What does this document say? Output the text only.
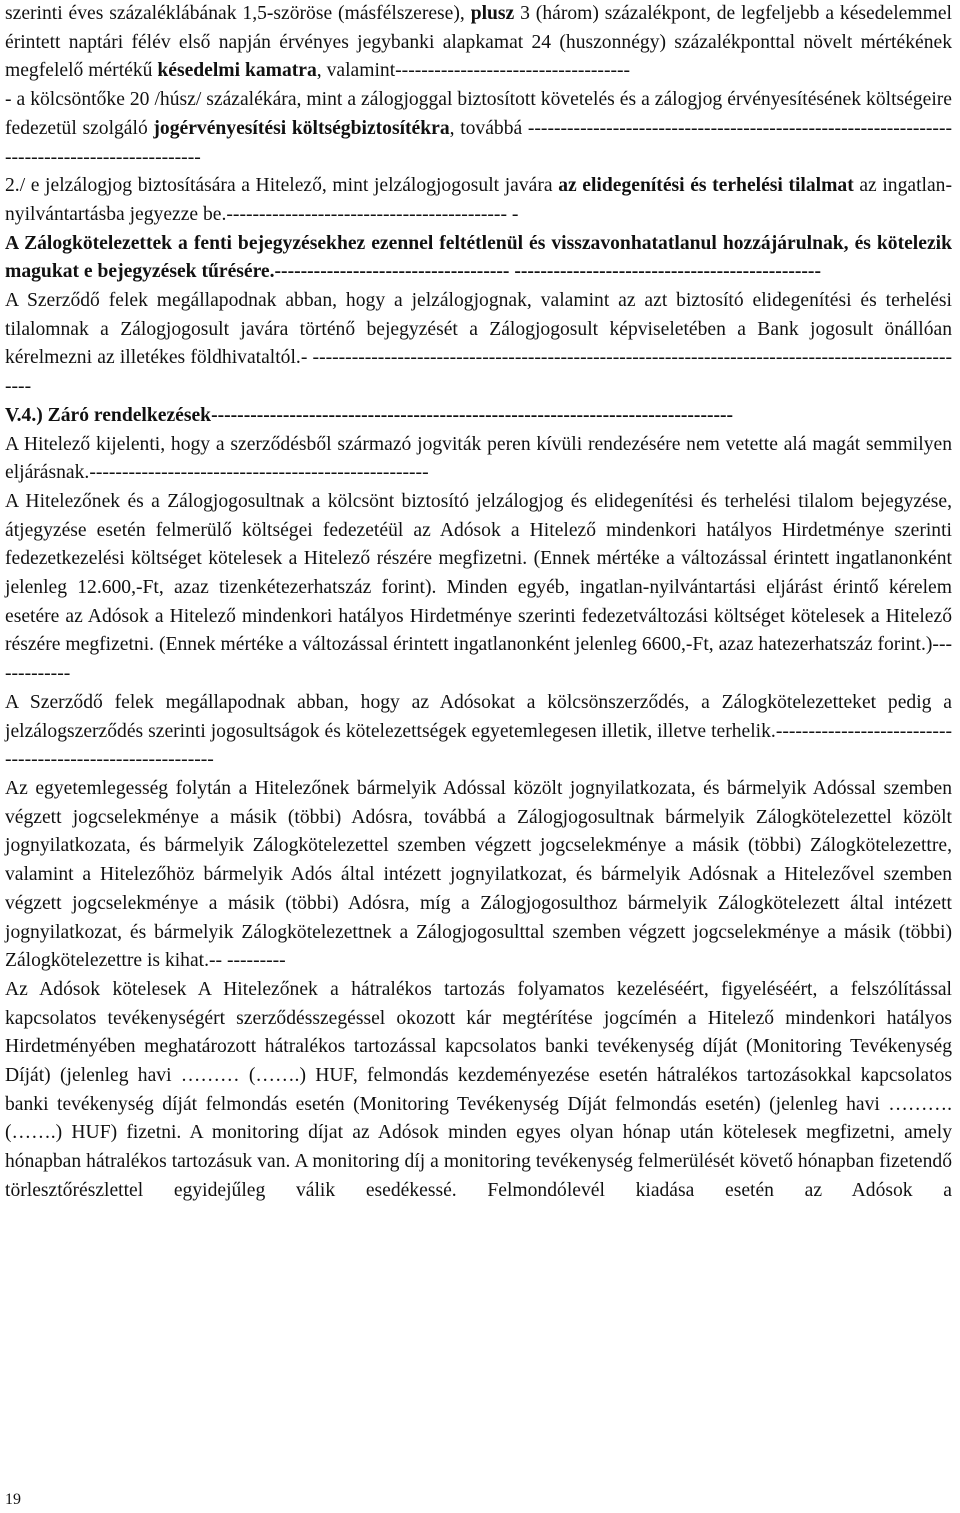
szerinti éves százaléklábának 1,5-szöröse (másfélszerese), plusz 3 (három) százalékpont, de legfeljebb a késedelemmel érintett naptári félév első napján érvényes jegybanki alapkamat 24 (huszonnégy) százalékponttal növelt mértékének megfelelő mértékű késedelmi kamatra, valamint------------------------------------

- a kölcsöntőke 20 /húsz/ százalékára, mint a zálogjoggal biztosított követelés és a zálogjog érvényesítésének költségeire fedezetül szolgáló jogérvényesítési költségbiztosítékra, továbbá -----------------------------------------------------------------------------------------------

2./ e jelzálogjog biztosítására a Hitelező, mint jelzálogjogosult javára az elidegenítési és terhelési tilalmat az ingatlan-nyilvántartásba jegyezze be.------------------------------------------- -

A Zálogkötelezettek a fenti bejegyzésekhez ezennel feltétlenül és visszavonhatatlanul hozzájárulnak, és kötelezik magukat e bejegyzések tűrésére.------------------------------------ -----------------------------------------------

A Szerződő felek megállapodnak abban, hogy a jelzálogjognak, valamint az azt biztosító elidegenítési és terhelési tilalomnak a Zálogjogosult javára történő bejegyzését a Zálogjogosult képviseletében a Bank jogosult önállóan kérelmezni az illetékes földhivataltól.- ------------------------------------------------------------------------------------------------------

V.4.) Záró rendelkezések--------------------------------------------------------------------------------

A Hitelező kijelenti, hogy a szerződésből származó jogviták peren kívüli rendezésére nem vetette alá magát semmilyen eljárásnak.----------------------------------------------------

A Hitelezőnek és a Zálogjogosultnak a kölcsönt biztosító jelzálogjog és elidegenítési és terhelési tilalom bejegyzése, átjegyzése esetén felmerülő költségei fedezetéül az Adósok a Hitelező mindenkori hatályos Hirdetménye szerinti fedezetkezelési költséget kötelesek a Hitelező részére megfizetni. (Ennek mértéke a változással érintett ingatlanonként jelenleg 12.600,-Ft, azaz tizenkétezerhatszáz forint). Minden egyéb, ingatlan-nyilvántartási eljárást érintő kérelem esetére az Adósok a Hitelező mindenkori hatályos Hirdetménye szerinti fedezetváltozási költséget kötelesek a Hitelező részére megfizetni. (Ennek mértéke a változással érintett ingatlanonként jelenleg 6600,-Ft, azaz hatezerhatszáz forint.)-------------

A Szerződő felek megállapodnak abban, hogy az Adósokat a kölcsönszerződés, a Zálogkötelezetteket pedig a jelzálogszerződés szerinti jogosultságok és kötelezettségek egyetemlegesen illetik, illetve terhelik.-----------------------------------------------------------

Az egyetemlegesség folytán a Hitelezőnek bármelyik Adóssal közölt jognyilatkozata, és bármelyik Adóssal szemben végzett jogcselekménye a másik (többi) Adósra, továbbá a Zálogjogosultnak bármelyik Zálogkötelezettel közölt jognyilatkozata, és bármelyik Zálogkötelezettel szemben végzett jogcselekménye a másik (többi) Zálogkötelezettre, valamint a Hitelezőhöz bármelyik Adós által intézett jognyilatkozat, és bármelyik Adósnak a Hitelezővel szemben végzett jogcselekménye a másik (többi) Adósra, míg a Zálogjogosulthoz bármelyik Zálogkötelezett által intézett jognyilatkozat, és bármelyik Zálogkötelezettnek a Zálogjogosulttal szemben végzett jogcselekménye a másik (többi) Zálogkötelezettre is kihat.-- ---------

Az Adósok kötelesek A Hitelezőnek a hátralékos tartozás folyamatos kezeléséért, figyeléséért, a felszólítással kapcsolatos tevékenységért szerződésszegéssel okozott kár megtérítése jogcímén a Hitelező mindenkori hatályos Hirdetményében meghatározott hátralékos tartozással kapcsolatos banki tevékenység díját (Monitoring Tevékenység Díját) (jelenleg havi ……… (…….) HUF, felmondás kezdeményezése esetén hátralékos tartozásokkal kapcsolatos banki tevékenység díját felmondás esetén (Monitoring Tevékenység Díját felmondás esetén) (jelenleg havi ………. (…….) HUF) fizetni. A monitoring díjat az Adósok minden egyes olyan hónap után kötelesek megfizetni, amely hónapban hátralékos tartozásuk van. A monitoring díj a monitoring tevékenység felmerülését követő hónapban fizetendő törlesztőrészlettel egyidejűleg válik esedékessé. Felmondólevél kiadása esetén az Adósok a

19
